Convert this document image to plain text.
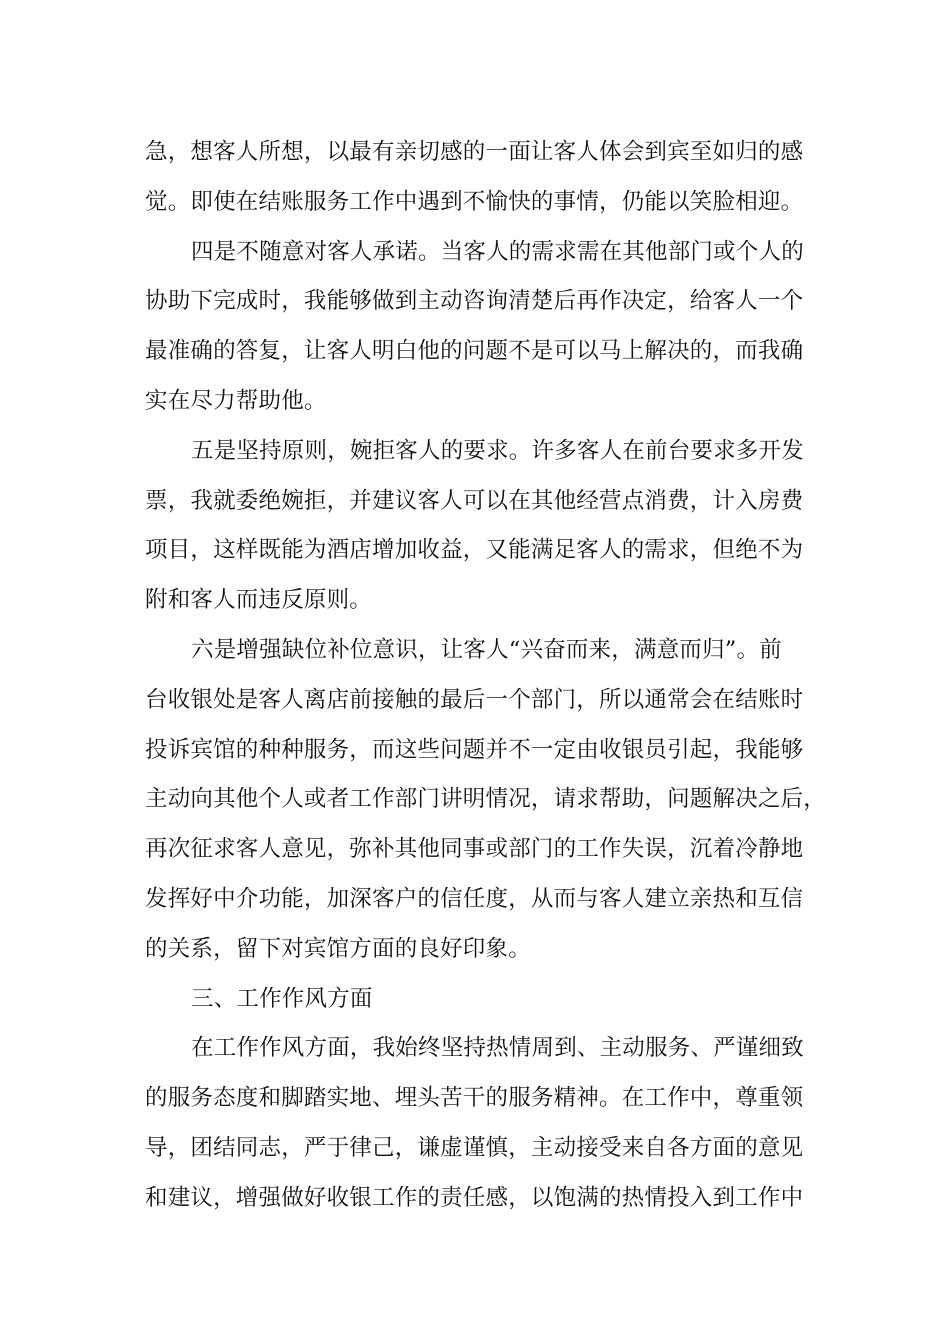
急，想客人所想，以最有亲切感的一面让客人体会到宾至如归的感
觉。即使在结账服务工作中遇到不愉快的事情，仍能以笑脸相迎。
四是不随意对客人承诺。当客人的需求需在其他部门或个人的
协助下完成时，我能够做到主动咨询清楚后再作决定，给客人一个
最准确的答复，让客人明白他的问题不是可以马上解决的，而我确
实在尽力帮助他。
五是坚持原则，婉拒客人的要求。许多客人在前台要求多开发
票，我就委绝婉拒，并建议客人可以在其他经营点消费，计入房费
项目，这样既能为酒店增加收益，又能满足客人的需求，但绝不为
附和客人而违反原则。
六是增强缺位补位意识，让客人“兴奋而来，满意而归”。前
台收银处是客人离店前接触的最后一个部门，所以通常会在结账时
投诉宾馆的种种服务，而这些问题并不一定由收银员引起，我能够
主动向其他个人或者工作部门讲明情况，请求帮助，问题解决之后，
再次征求客人意见，弥补其他同事或部门的工作失误，沉着冷静地
发挥好中介功能，加深客户的信任度，从而与客人建立亲热和互信
的关系，留下对宾馆方面的良好印象。
三、工作作风方面
在工作作风方面，我始终坚持热情周到、主动服务、严谨细致
的服务态度和脚踏实地、埋头苦干的服务精神。在工作中，尊重领
导，团结同志，严于律己，谦虚谨慎，主动接受来自各方面的意见
和建议，增强做好收银工作的责任感，以饱满的热情投入到工作中
